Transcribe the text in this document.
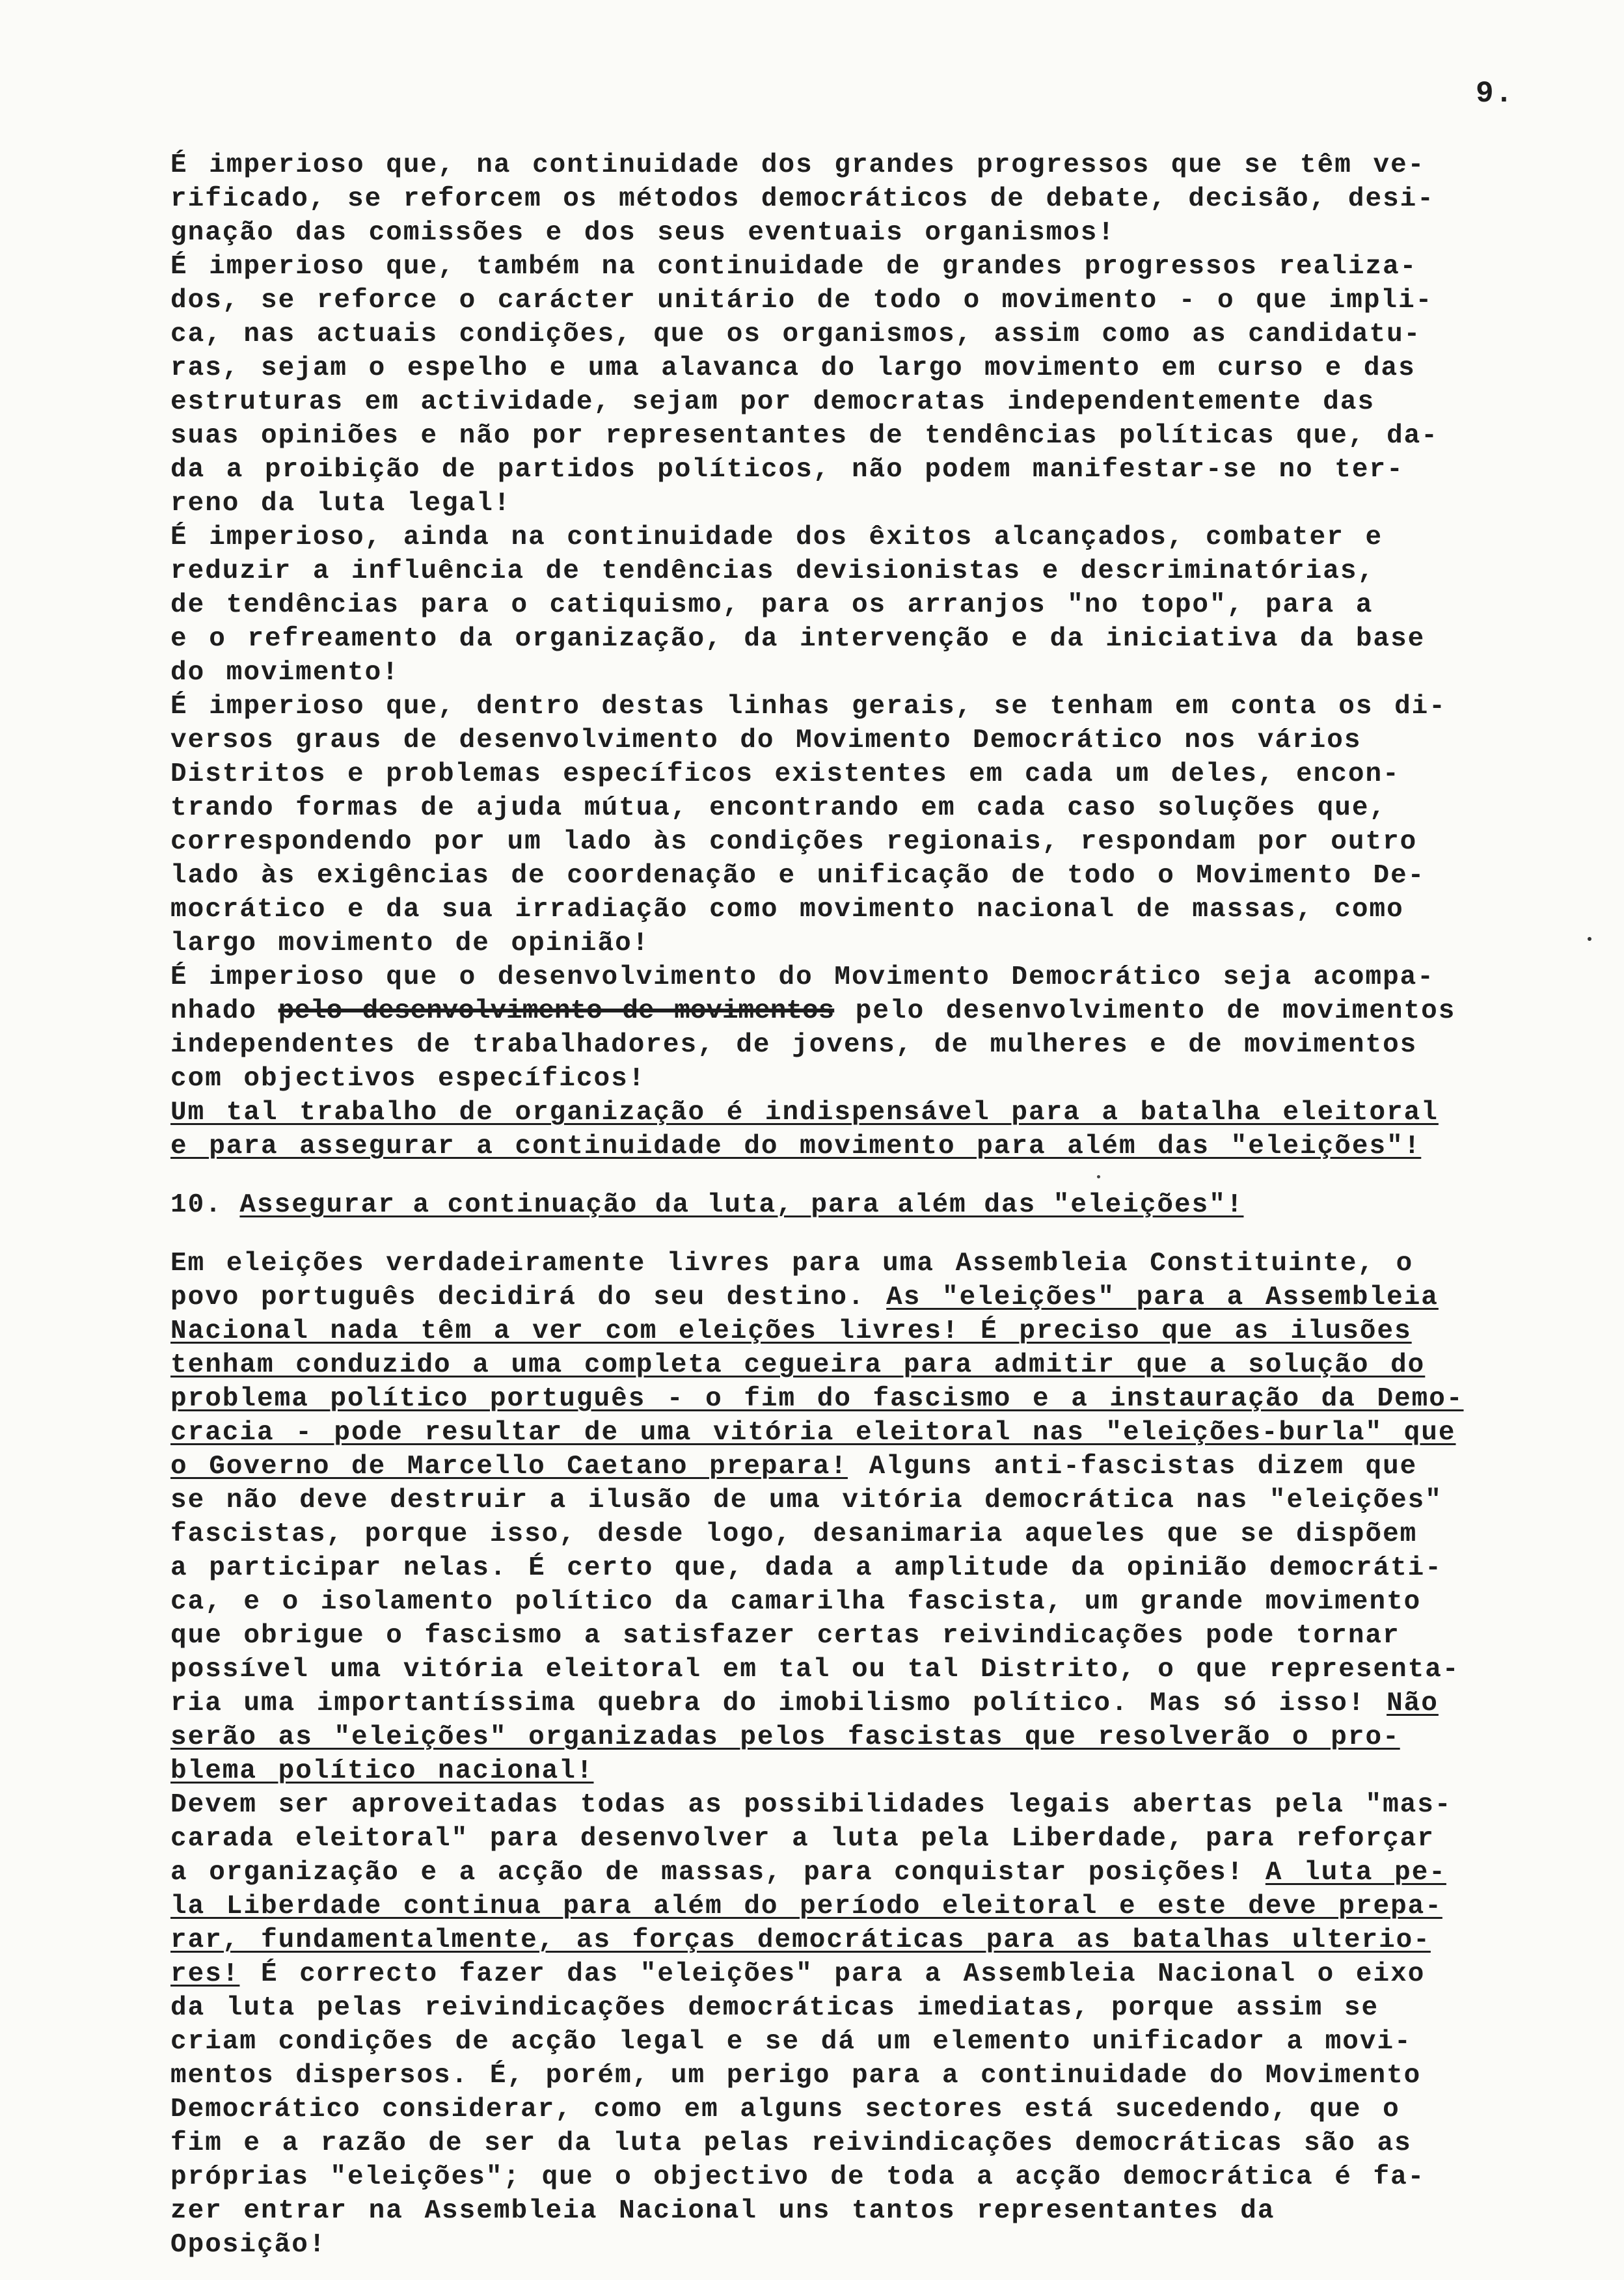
9.
É imperioso que, na continuidade dos grandes progressos que se têm ve-
rificado, se reforcem os métodos democráticos de debate, decisão, desi-
gnação das comissões e dos seus eventuais organismos!
É imperioso que, também na continuidade de grandes progressos realiza-
dos, se reforce o carácter unitário de todo o movimento - o que impli-
ca, nas actuais condições, que os organismos, assim como as candidatu-
ras, sejam o espelho e uma alavanca do largo movimento em curso e das
estruturas em actividade, sejam por democratas independentemente das
suas opiniões e não por representantes de tendências políticas que, da-
da a proibição de partidos políticos, não podem manifestar-se no ter-
reno da luta legal!
É imperioso, ainda na continuidade dos êxitos alcançados, combater e
reduzir a influência de tendências devisionistas e descriminatórias,
de tendências para o catiquismo, para os arranjos "no topo", para a
e o refreamento da organização, da intervenção e da iniciativa da base
do movimento!
É imperioso que, dentro destas linhas gerais, se tenham em conta os di-
versos graus de desenvolvimento do Movimento Democrático nos vários
Distritos e problemas específicos existentes em cada um deles, encon-
trando formas de ajuda mútua, encontrando em cada caso soluções que,
correspondendo por um lado às condições regionais, respondam por outro
lado às exigências de coordenação e unificação de todo o Movimento De-
mocrático e da sua irradiação como movimento nacional de massas, como
largo movimento de opinião!
É imperioso que o desenvolvimento do Movimento Democrático seja acompa-
nhado pelo desenvolvimento de movimentos pelo desenvolvimento de movimentos
independentes de trabalhadores, de jovens, de mulheres e de movimentos
com objectivos específicos!
Um tal trabalho de organização é indispensável para a batalha eleitoral
e para assegurar a continuidade do movimento para além das "eleições"!
10. Assegurar a continuação da luta, para além das "eleições"!
Em eleições verdadeiramente livres para uma Assembleia Constituinte, o
povo português decidirá do seu destino. As "eleições" para a Assembleia
Nacional nada têm a ver com eleições livres! É preciso que as ilusões
tenham conduzido a uma completa cegueira para admitir que a solução do
problema político português - o fim do fascismo e a instauração da Demo-
cracia - pode resultar de uma vitória eleitoral nas "eleições-burla" que
o Governo de Marcello Caetano prepara! Alguns anti-fascistas dizem que
se não deve destruir a ilusão de uma vitória democrática nas "eleições"
fascistas, porque isso, desde logo, desanimaria aqueles que se dispõem
a participar nelas. É certo que, dada a amplitude da opinião democráti-
ca, e o isolamento político da camarilha fascista, um grande movimento
que obrigue o fascismo a satisfazer certas reivindicações pode tornar
possível uma vitória eleitoral em tal ou tal Distrito, o que representa-
ria uma importantíssima quebra do imobilismo político. Mas só isso! Não
serão as "eleições" organizadas pelos fascistas que resolverão o pro-
blema político nacional!
Devem ser aproveitadas todas as possibilidades legais abertas pela "mas-
carada eleitoral" para desenvolver a luta pela Liberdade, para reforçar
a organização e a acção de massas, para conquistar posições! A luta pe-
la Liberdade continua para além do período eleitoral e este deve prepa-
rar, fundamentalmente, as forças democráticas para as batalhas ulterio-
res! É correcto fazer das "eleições" para a Assembleia Nacional o eixo
da luta pelas reivindicações democráticas imediatas, porque assim se
criam condições de acção legal e se dá um elemento unificador a movi-
mentos dispersos. É, porém, um perigo para a continuidade do Movimento
Democrático considerar, como em alguns sectores está sucedendo, que o
fim e a razão de ser da luta pelas reivindicações democráticas são as
próprias "eleições"; que o objectivo de toda a acção democrática é fa-
zer entrar na Assembleia Nacional uns tantos representantes da
Oposição!
